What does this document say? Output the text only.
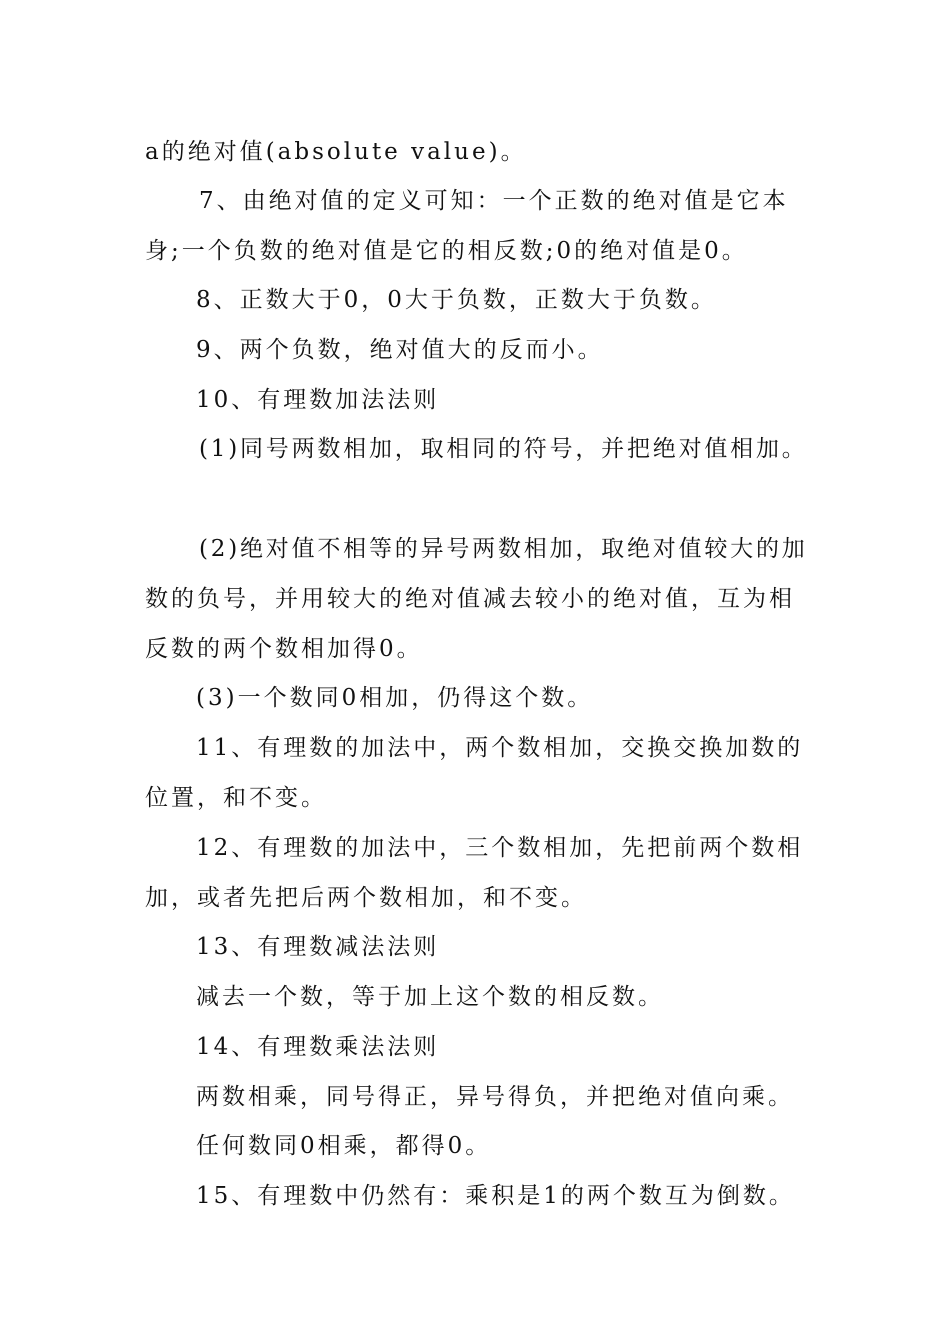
a的绝对值(absolute value)。
7、由绝对值的定义可知：一个正数的绝对值是它本
身;一个负数的绝对值是它的相反数;0的绝对值是0。
8、正数大于0，0大于负数，正数大于负数。
9、两个负数，绝对值大的反而小。
10、有理数加法法则
(1)同号两数相加，取相同的符号，并把绝对值相加。
(2)绝对值不相等的异号两数相加，取绝对值较大的加
数的负号，并用较大的绝对值减去较小的绝对值，互为相
反数的两个数相加得0。
(3)一个数同0相加，仍得这个数。
11、有理数的加法中，两个数相加，交换交换加数的
位置，和不变。
12、有理数的加法中，三个数相加，先把前两个数相
加，或者先把后两个数相加，和不变。
13、有理数减法法则
减去一个数，等于加上这个数的相反数。
14、有理数乘法法则
两数相乘，同号得正，异号得负，并把绝对值向乘。
任何数同0相乘，都得0。
15、有理数中仍然有：乘积是1的两个数互为倒数。
